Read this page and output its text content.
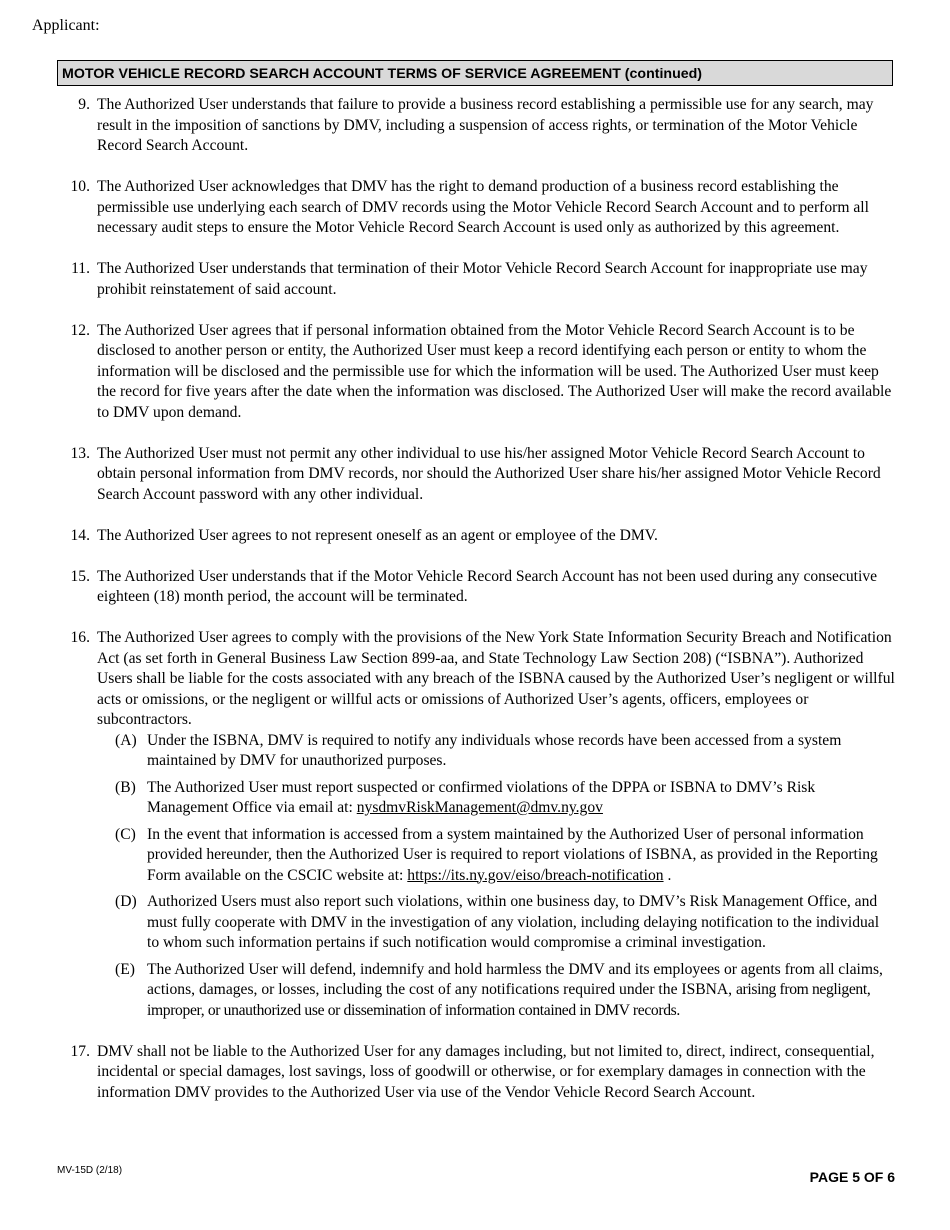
Applicant:
MOTOR VEHICLE RECORD SEARCH ACCOUNT TERMS OF SERVICE AGREEMENT (continued)
9. The Authorized User understands that failure to provide a business record establishing a permissible use for any search, may result in the imposition of sanctions by DMV, including a suspension of access rights, or termination of the Motor Vehicle Record Search Account.
10. The Authorized User acknowledges that DMV has the right to demand production of a business record establishing the permissible use underlying each search of DMV records using the Motor Vehicle Record Search Account and to perform all necessary audit steps to ensure the Motor Vehicle Record Search Account is used only as authorized by this agreement.
11. The Authorized User understands that termination of their Motor Vehicle Record Search Account for inappropriate use may prohibit reinstatement of said account.
12. The Authorized User agrees that if personal information obtained from the Motor Vehicle Record Search Account is to be disclosed to another person or entity, the Authorized User must keep a record identifying each person or entity to whom the information will be disclosed and the permissible use for which the information will be used. The Authorized User must keep the record for five years after the date when the information was disclosed. The Authorized User will make the record available to DMV upon demand.
13. The Authorized User must not permit any other individual to use his/her assigned Motor Vehicle Record Search Account to obtain personal information from DMV records, nor should the Authorized User share his/her assigned Motor Vehicle Record Search Account password with any other individual.
14. The Authorized User agrees to not represent oneself as an agent or employee of the DMV.
15. The Authorized User understands that if the Motor Vehicle Record Search Account has not been used during any consecutive eighteen (18) month period, the account will be terminated.
16. The Authorized User agrees to comply with the provisions of the New York State Information Security Breach and Notification Act (as set forth in General Business Law Section 899-aa, and State Technology Law Section 208) (“ISBNA”). Authorized Users shall be liable for the costs associated with any breach of the ISBNA caused by the Authorized User’s negligent or willful acts or omissions, or the negligent or willful acts or omissions of Authorized User’s agents, officers, employees or subcontractors.
(A) Under the ISBNA, DMV is required to notify any individuals whose records have been accessed from a system maintained by DMV for unauthorized purposes.
(B) The Authorized User must report suspected or confirmed violations of the DPPA or ISBNA to DMV’s Risk Management Office via email at: nysdmvRiskManagement@dmv.ny.gov
(C) In the event that information is accessed from a system maintained by the Authorized User of personal information provided hereunder, then the Authorized User is required to report violations of ISBNA, as provided in the Reporting Form available on the CSCIC website at: https://its.ny.gov/eiso/breach-notification .
(D) Authorized Users must also report such violations, within one business day, to DMV’s Risk Management Office, and must fully cooperate with DMV in the investigation of any violation, including delaying notification to the individual to whom such information pertains if such notification would compromise a criminal investigation.
(E) The Authorized User will defend, indemnify and hold harmless the DMV and its employees or agents from all claims, actions, damages, or losses, including the cost of any notifications required under the ISBNA, arising from negligent, improper, or unauthorized use or dissemination of information contained in DMV records.
17. DMV shall not be liable to the Authorized User for any damages including, but not limited to, direct, indirect, consequential, incidental or special damages, lost savings, loss of goodwill or otherwise, or for exemplary damages in connection with the information DMV provides to the Authorized User via use of the Vendor Vehicle Record Search Account.
MV-15D (2/18)	PAGE 5 OF 6
